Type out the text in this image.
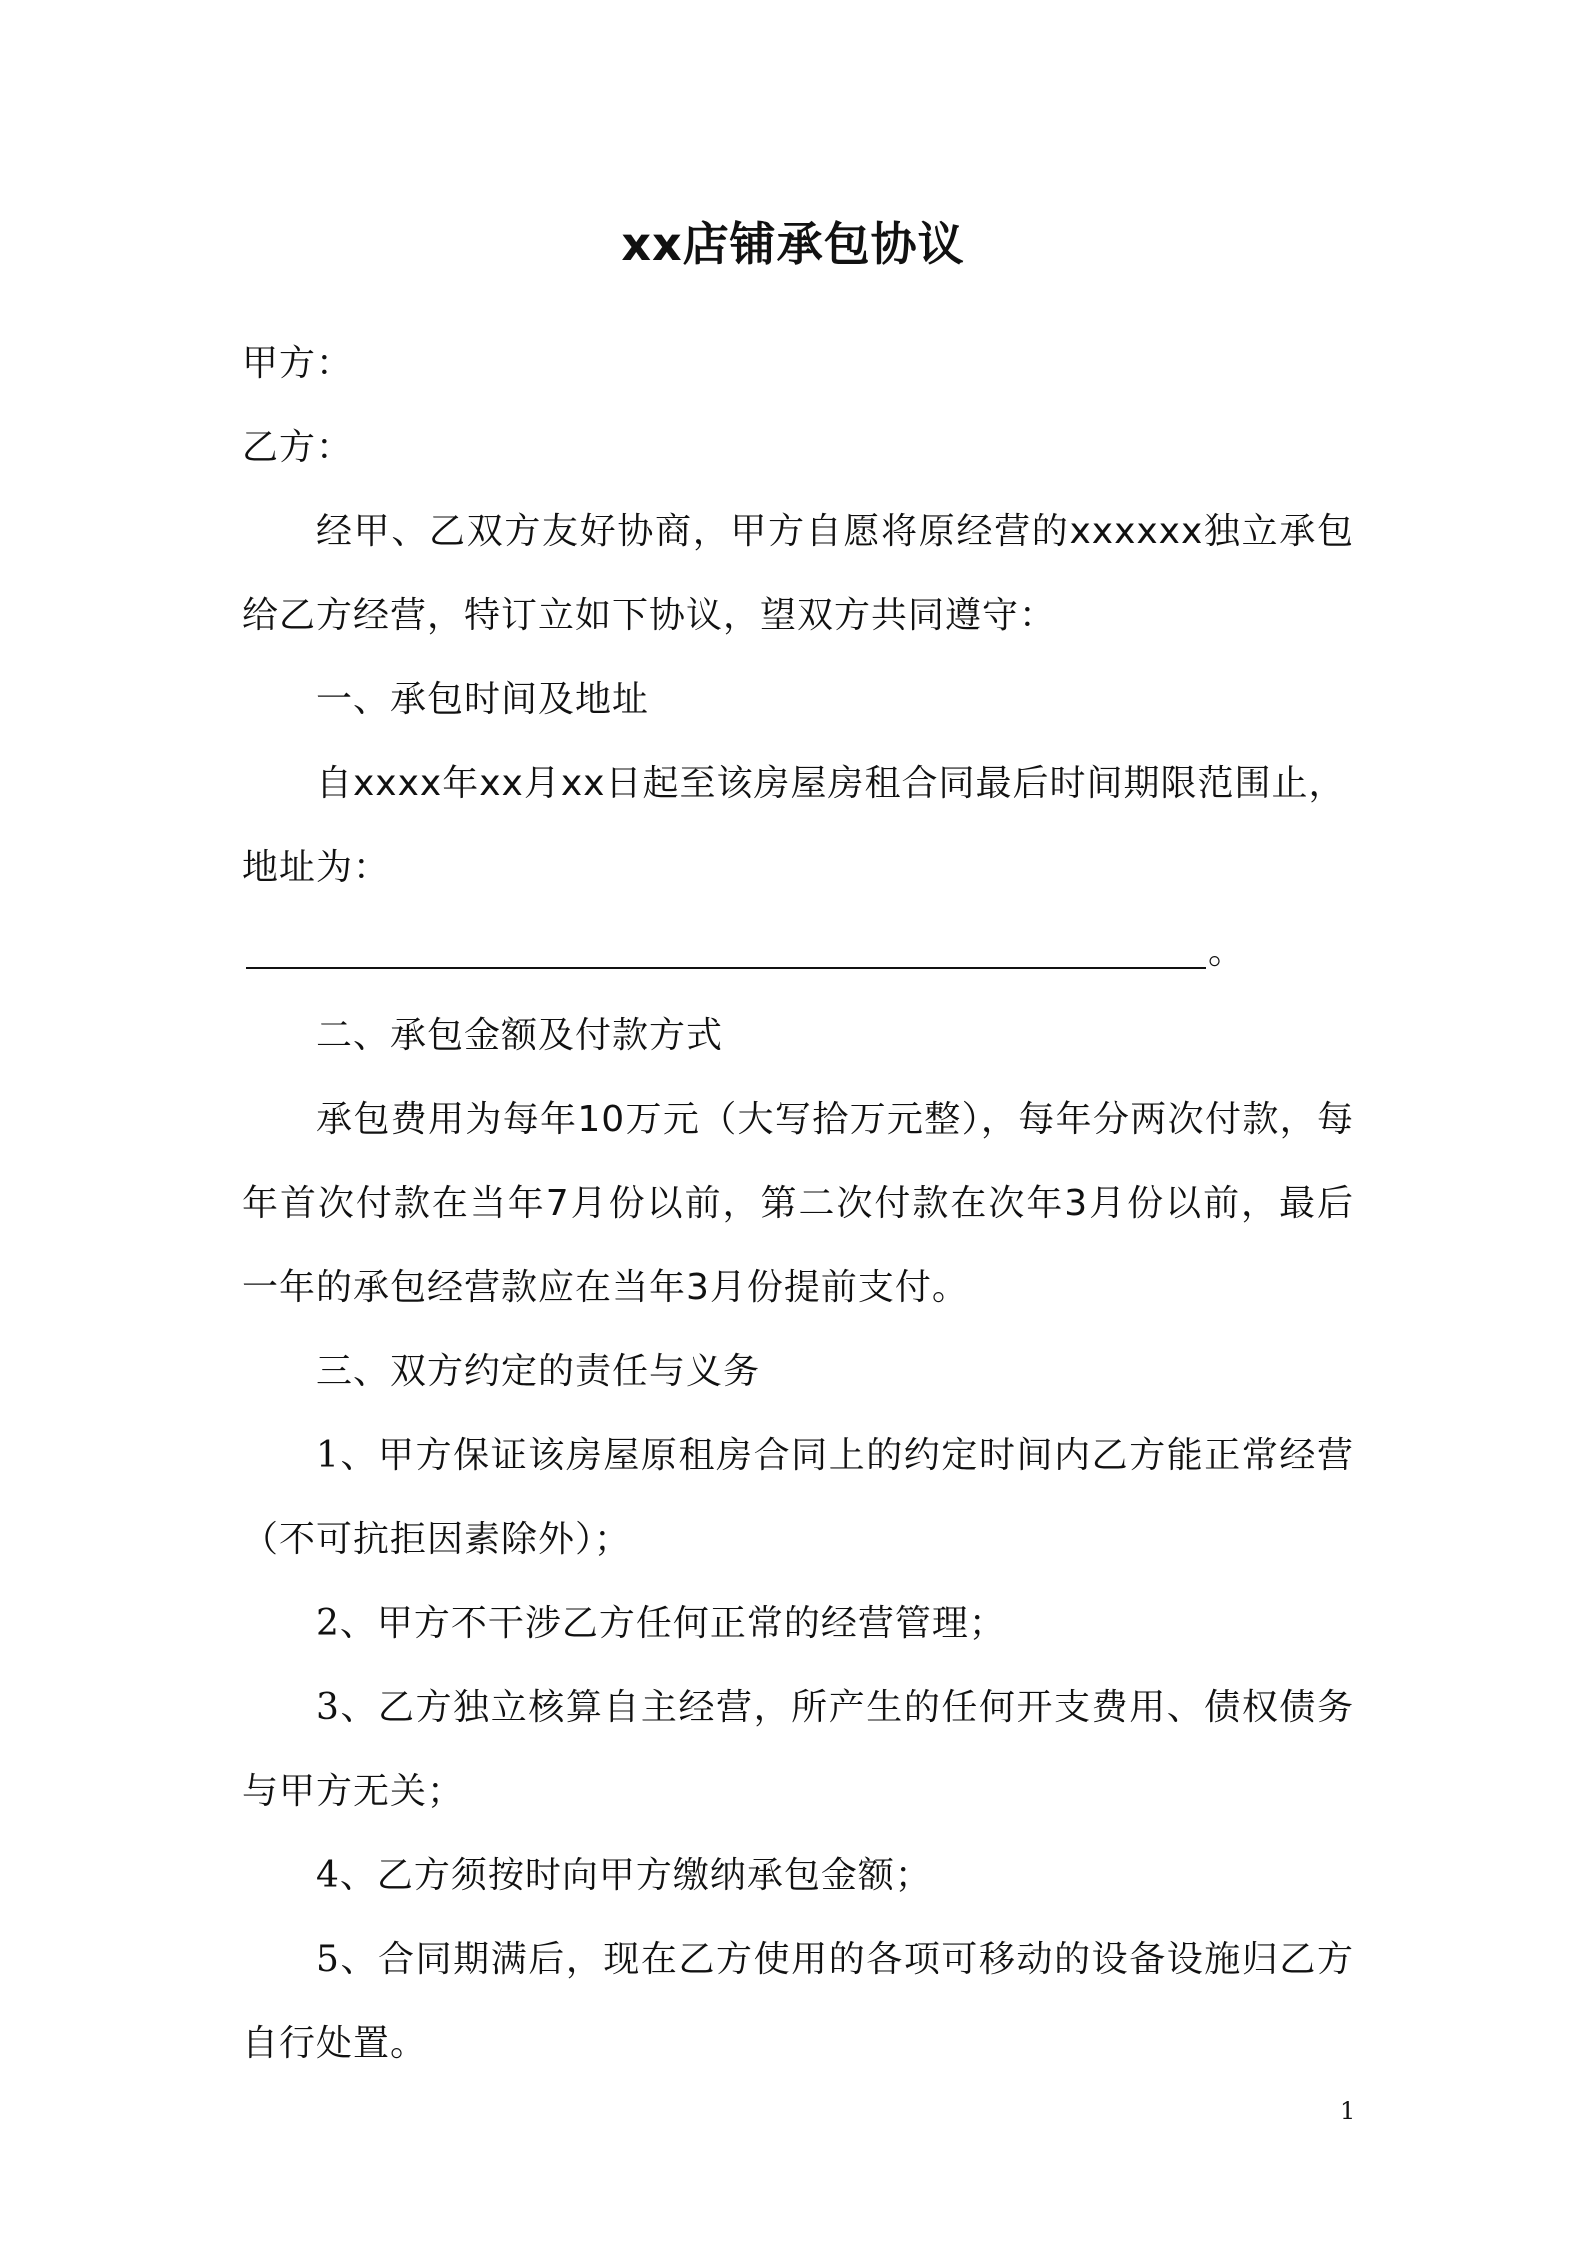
xx店铺承包协议

甲方：

乙方：

经甲、乙双方友好协商，甲方自愿将原经营的xxxxxx独立承包给乙方经营，特订立如下协议，望双方共同遵守：

一、承包时间及地址

自xxxx年xx月xx日起至该房屋房租合同最后时间期限范围止，

地址为：。

二、承包金额及付款方式

承包费用为每年10万元（大写拾万元整），每年分两次付款，每年首次付款在当年7月份以前，第二次付款在次年3月份以前，最后一年的承包经营款应在当年3月份提前支付。

三、双方约定的责任与义务

1、甲方保证该房屋原租房合同上的约定时间内乙方能正常经营（不可抗拒因素除外）；

2、甲方不干涉乙方任何正常的经营管理；

3、乙方独立核算自主经营，所产生的任何开支费用、债权债务与甲方无关；

4、乙方须按时向甲方缴纳承包金额；

5、合同期满后，现在乙方使用的各项可移动的设备设施归乙方自行处置。

1
